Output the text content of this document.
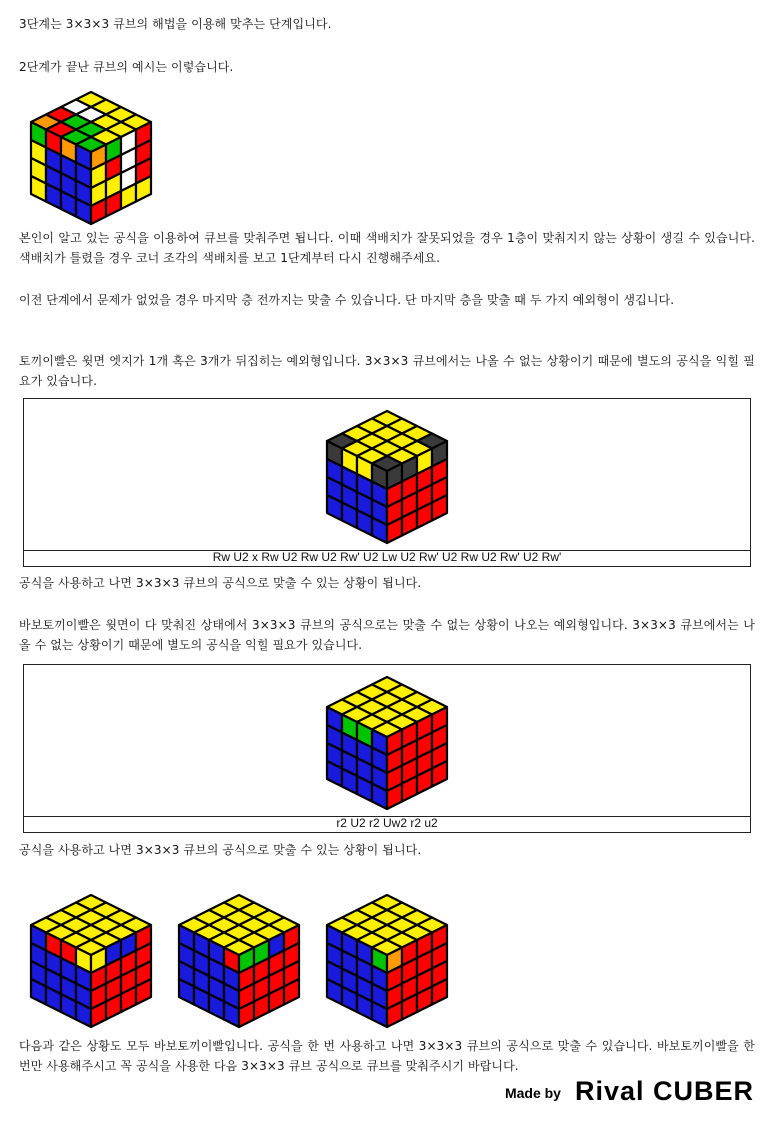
3단계는 3×3×3 큐브의 해법을 이용해 맞추는 단계입니다.
2단계가 끝난 큐브의 예시는 이렇습니다.
본인이 알고 있는 공식을 이용하여 큐브를 맞춰주면 됩니다. 이때 색배치가 잘못되었을 경우 1층이 맞춰지지 않는 상황이 생길 수 있습니다. 색배치가 틀렸을 경우 코너 조각의 색배치를 보고 1단계부터 다시 진행해주세요.
이전 단계에서 문제가 없었을 경우 마지막 층 전까지는 맞출 수 있습니다. 단 마지막 층을 맞출 때 두 가지 예외형이 생깁니다.
토끼이빨은 윗면 엣지가 1개 혹은 3개가 뒤집히는 예외형입니다. 3×3×3 큐브에서는 나올 수 없는 상황이기 때문에 별도의 공식을 익힐 필요가 있습니다.
Rw U2 x Rw U2 Rw U2 Rw' U2 Lw U2 Rw' U2 Rw U2 Rw' U2 Rw'
공식을 사용하고 나면 3×3×3 큐브의 공식으로 맞출 수 있는 상황이 됩니다.
바보토끼이빨은 윗면이 다 맞춰진 상태에서 3×3×3 큐브의 공식으로는 맞출 수 없는 상황이 나오는 예외형입니다. 3×3×3 큐브에서는 나올 수 없는 상황이기 때문에 별도의 공식을 익힐 필요가 있습니다.
r2 U2 r2 Uw2 r2 u2
공식을 사용하고 나면 3×3×3 큐브의 공식으로 맞출 수 있는 상황이 됩니다.
다음과 같은 상황도 모두 바보토끼이빨입니다. 공식을 한 번 사용하고 나면 3×3×3 큐브의 공식으로 맞출 수 있습니다. 바보토끼이빨을 한 번만 사용해주시고 꼭 공식을 사용한 다음 3×3×3 큐브 공식으로 큐브를 맞춰주시기 바랍니다.
Made by Rival CUBER
